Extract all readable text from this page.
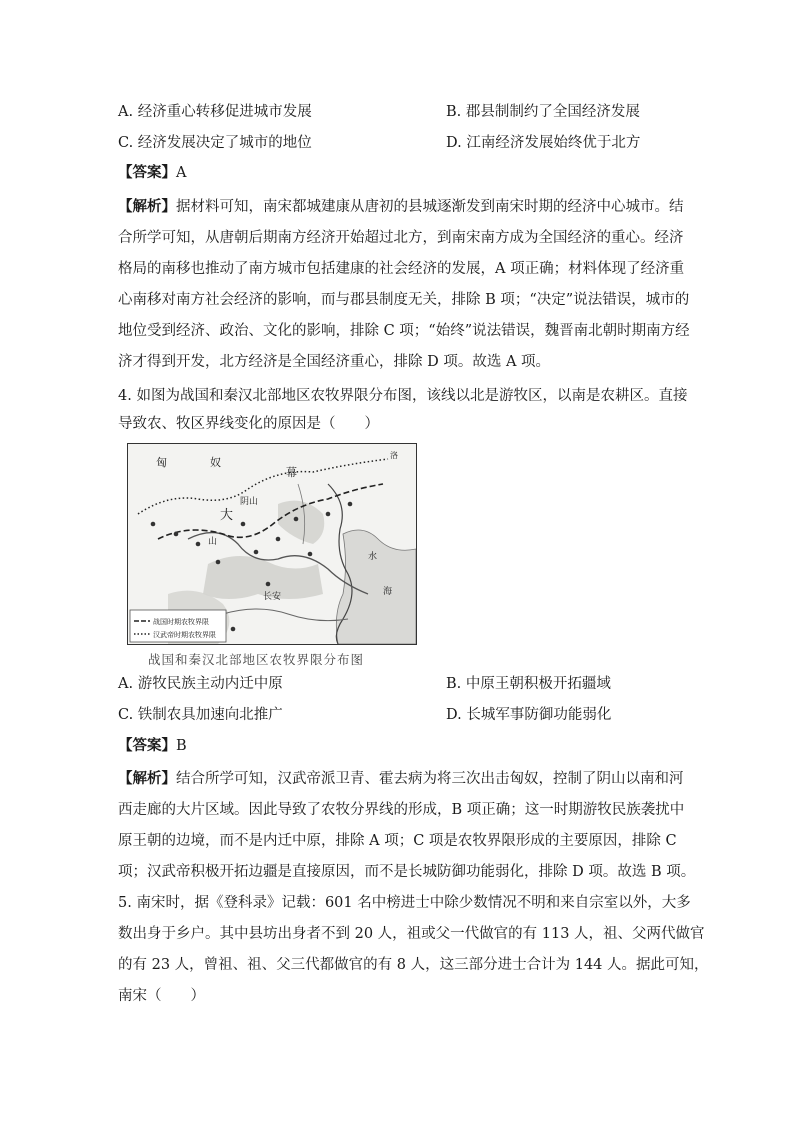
A. 经济重心转移促进城市发展	B. 郡县制制约了全国经济发展
C. 经济发展决定了城市的地位	D. 江南经济发展始终优于北方
【答案】A
【解析】据材料可知，南宋都城建康从唐初的县城逐渐发到南宋时期的经济中心城市。结
合所学可知，从唐朝后期南方经济开始超过北方，到南宋南方成为全国经济的重心。经济
格局的南移也推动了南方城市包括建康的社会经济的发展，A 项正确；材料体现了经济重
心南移对南方社会经济的影响，而与郡县制度无关，排除 B 项；“决定”说法错误，城市的
地位受到经济、政治、文化的影响，排除 C 项；“始终”说法错误，魏晋南北朝时期南方经
济才得到开发，北方经济是全国经济重心，排除 D 项。故选 A 项。
4. 如图为战国和秦汉北部地区农牧界限分布图，该线以北是游牧区，以南是农耕区。直接
导致农、牧区界线变化的原因是（　　）
匈	奴
幕
大
阴山
山
长安	海
水
洛
战国时期农牧界限
汉武帝时期农牧界限
战国和秦汉北部地区农牧界限分布图
A. 游牧民族主动内迁中原	B. 中原王朝积极开拓疆域
C. 铁制农具加速向北推广	D. 长城军事防御功能弱化
【答案】B
【解析】结合所学可知，汉武帝派卫青、霍去病为将三次出击匈奴，控制了阴山以南和河
西走廊的大片区域。因此导致了农牧分界线的形成，B 项正确；这一时期游牧民族袭扰中
原王朝的边境，而不是内迁中原，排除 A 项；C 项是农牧界限形成的主要原因，排除 C
项；汉武帝积极开拓边疆是直接原因，而不是长城防御功能弱化，排除 D 项。故选 B 项。
5. 南宋时，据《登科录》记载：601 名中榜进士中除少数情况不明和来自宗室以外，大多
数出身于乡户。其中县坊出身者不到 20 人，祖或父一代做官的有 113 人，祖、父两代做官
的有 23 人，曾祖、祖、父三代都做官的有 8 人，这三部分进士合计为 144 人。据此可知，
南宋（　　）
